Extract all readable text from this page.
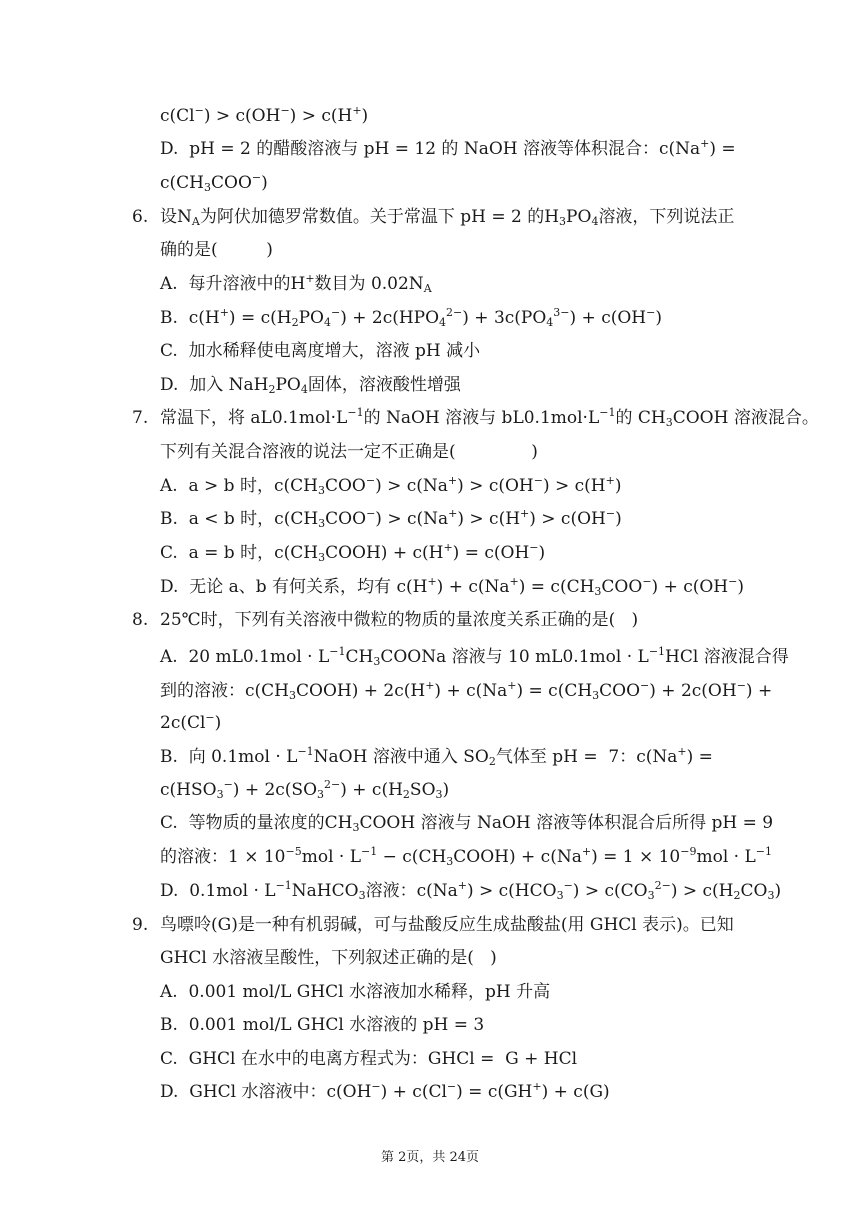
c(Cl−) > c(OH−) > c(H+)
D.  pH = 2 的醋酸溶液与 pH = 12 的 NaOH 溶液等体积混合：c(Na+) =
$c(CH_3COO^-)$
6. 设$N_A$为阿伏加德罗常数值。关于常温下 pH = 2 的$H_3PO_4$溶液，下列说法正
确的是(         )
A.  每升溶液中的H+数目为 $0.02N_A$
B.  $c(H^+) = c(H_2PO_4^-) + 2c(HPO_4^{2-}) + 3c(PO_4^{3-}) + c(OH^-)$
C.  加水稀释使电离度增大，溶液 pH 减小
D.  加入 $NaH_2PO_4$固体，溶液酸性增强
7. 常温下，将 $aL0.1mol\cdot L^{-1}$的 NaOH 溶液与 $bL0.1mol\cdot L^{-1}$的 $CH_3COOH$ 溶液混合。
下列有关混合溶液的说法一定不正确是(              )
A.  a > b 时，$c(CH_3COO^-) > c(Na^+) > c(OH^-) > c(H^+)$
B.  a < b 时，$c(CH_3COO^-) > c(Na^+) > c(H^+) > c(OH^-)$
C.  a = b 时，$c(CH_3COOH) + c(H^+) = c(OH^-)$
D.  无论 a、b 有何关系，均有 $c(H^+) + c(Na^+) = c(CH_3COO^-) + c(OH^-)$
8. 25℃时，下列有关溶液中微粒的物质的量浓度关系正确的是(   )
A.  20 $mL0.1mol \cdot L^{-1}CH_3COONa$ 溶液与 10 $mL0.1mol \cdot L^{-1}HCl$ 溶液混合得
到的溶液：$c(CH_3COOH) + 2c(H^+) + c(Na^+) = c(CH_3COO^-) + 2c(OH^-)$ +
2c(Cl−)
B.  向 $0.1mol \cdot L^{-1}NaOH$ 溶液中通入 $SO_2$气体至 pH =  7：c(Na+) =
$c(HSO_3^-) + 2c(SO_3^{2-}) + c(H_2SO_3)$
C.  等物质的量浓度的$CH_3COOH$ 溶液与 NaOH 溶液等体积混合后所得 pH = 9
的溶液：$1 \times 10^{-5}mol \cdot L^{-1}$ − $c(CH_3COOH) + c(Na^+) = 1 \times 10^{-9}mol \cdot L^{-1}$
D.  $0.1mol \cdot L^{-1}NaHCO_3$溶液：$c(Na^+) > c(HCO_3^-) > c(CO_3^{2-}) > c(H_2CO_3)$
9. 鸟嘌呤(G)是一种有机弱碱，可与盐酸反应生成盐酸盐(用 GHCl 表示)。已知
GHCl 水溶液呈酸性，下列叙述正确的是(   )
A.  0.001 mol/L GHCl 水溶液加水稀释，pH 升高
B.  0.001 mol/L GHCl 水溶液的 pH = 3
C.  GHCl 在水中的电离方程式为：GHCl =  G + HCl
D.  GHCl 水溶液中：c(OH−) + c(Cl−) = c(GH+) + c(G)
第 2页，共 24页
